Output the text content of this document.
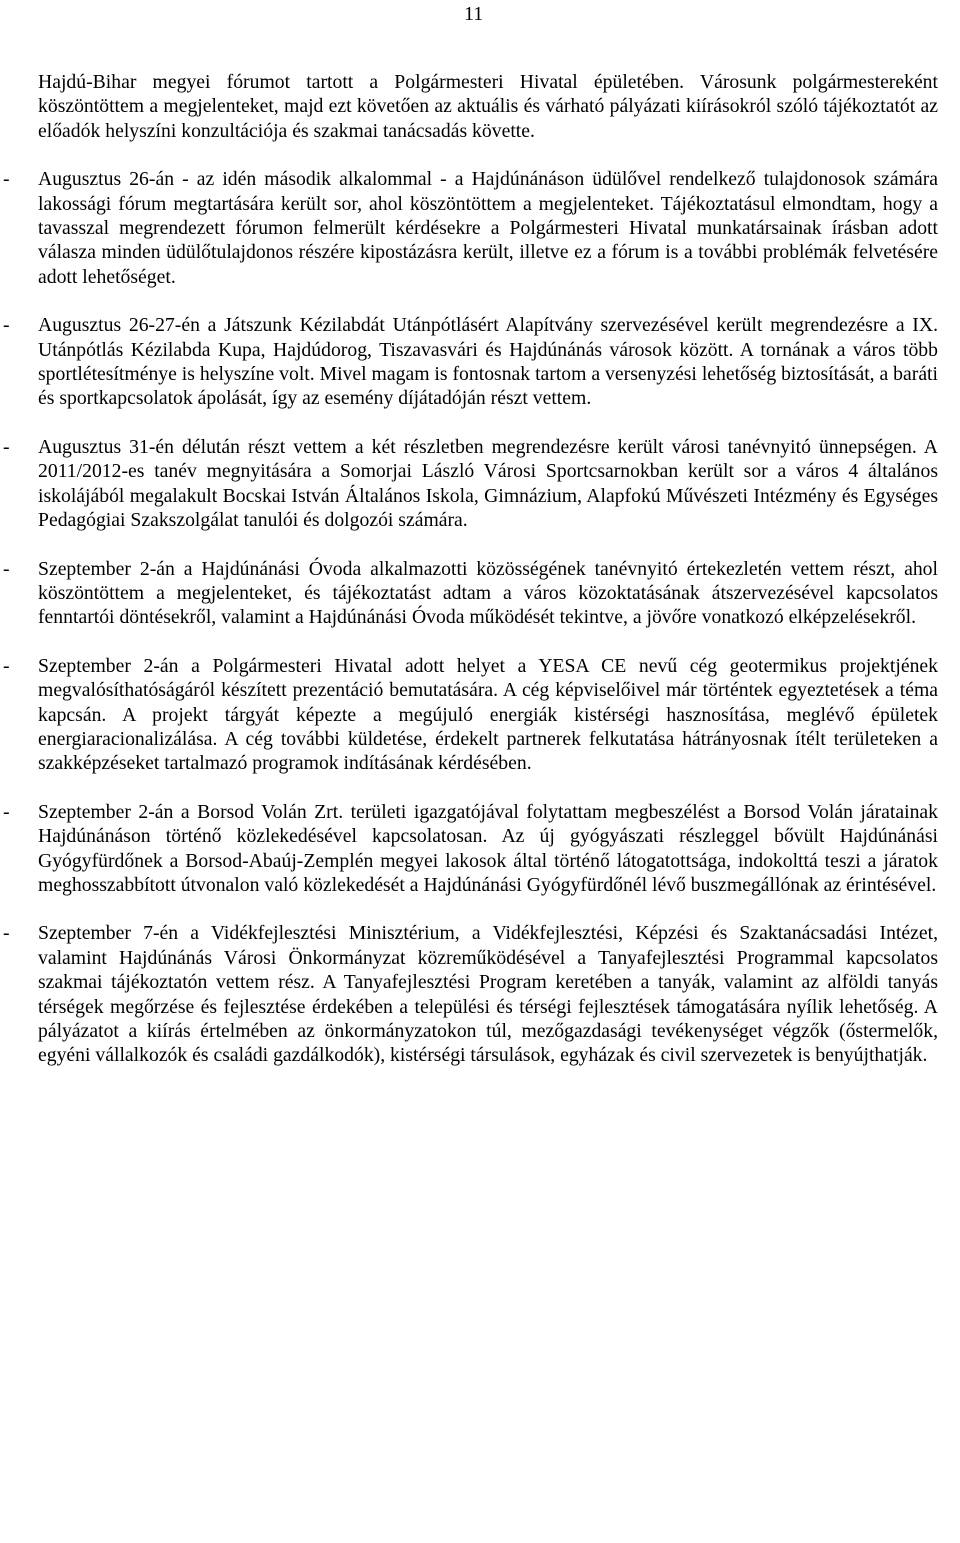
11

Hajdú-Bihar megyei fórumot tartott a Polgármesteri Hivatal épületében. Városunk polgármestereként köszöntöttem a megjelenteket, majd ezt követően az aktuális és várható pályázati kiírásokról szóló tájékoztatót az előadók helyszíni konzultációja és szakmai tanácsadás követte.

- Augusztus 26-án - az idén második alkalommal - a Hajdúnánáson üdülővel rendelkező tulajdonosok számára lakossági fórum megtartására került sor, ahol köszöntöttem a megjelenteket. Tájékoztatásul elmondtam, hogy a tavasszal megrendezett fórumon felmerült kérdésekre a Polgármesteri Hivatal munkatársainak írásban adott válasza minden üdülőtulajdonos részére kipostázásra került, illetve ez a fórum is a további problémák felvetésére adott lehetőséget.

- Augusztus 26-27-én a Játszunk Kézilabdát Utánpótlásért Alapítvány szervezésével került megrendezésre a IX. Utánpótlás Kézilabda Kupa, Hajdúdorog, Tiszavasvári és Hajdúnánás városok között. A tornának a város több sportlétesítménye is helyszíne volt. Mivel magam is fontosnak tartom a versenyzési lehetőség biztosítását, a baráti és sportkapcsolatok ápolását, így az esemény díjátadóján részt vettem.

- Augusztus 31-én délután részt vettem a két részletben megrendezésre került városi tanévnyitó ünnepségen. A 2011/2012-es tanév megnyitására a Somorjai László Városi Sportcsarnokban került sor a város 4 általános iskolájából megalakult Bocskai István Általános Iskola, Gimnázium, Alapfokú Művészeti Intézmény és Egységes Pedagógiai Szakszolgálat tanulói és dolgozói számára.

- Szeptember 2-án a Hajdúnánási Óvoda alkalmazotti közösségének tanévnyitó értekezletén vettem részt, ahol köszöntöttem a megjelenteket, és tájékoztatást adtam a város közoktatásának átszervezésével kapcsolatos fenntartói döntésekről, valamint a Hajdúnánási Óvoda működését tekintve, a jövőre vonatkozó elképzelésekről.

- Szeptember 2-án a Polgármesteri Hivatal adott helyet a YESA CE nevű cég geotermikus projektjének megvalósíthatóságáról készített prezentáció bemutatására. A cég képviselőivel már történtek egyeztetések a téma kapcsán. A projekt tárgyát képezte a megújuló energiák kistérségi hasznosítása, meglévő épületek energiaracionalizálása. A cég további küldetése, érdekelt partnerek felkutatása hátrányosnak ítélt területeken a szakképzéseket tartalmazó programok indításának kérdésében.

- Szeptember 2-án a Borsod Volán Zrt. területi igazgatójával folytattam megbeszélést a Borsod Volán járatainak Hajdúnánáson történő közlekedésével kapcsolatosan. Az új gyógyászati részleggel bővült Hajdúnánási Gyógyfürdőnek a Borsod-Abaúj-Zemplén megyei lakosok által történő látogatottsága, indokolttá teszi a járatok meghosszabbított útvonalon való közlekedését a Hajdúnánási Gyógyfürdőnél lévő buszmegállónak az érintésével.

- Szeptember 7-én a Vidékfejlesztési Minisztérium, a Vidékfejlesztési, Képzési és Szaktanácsadási Intézet, valamint Hajdúnánás Városi Önkormányzat közreműködésével a Tanyafejlesztési Programmal kapcsolatos szakmai tájékoztatón vettem rész. A Tanyafejlesztési Program keretében a tanyák, valamint az alföldi tanyás térségek megőrzése és fejlesztése érdekében a települési és térségi fejlesztések támogatására nyílik lehetőség. A pályázatot a kiírás értelmében az önkormányzatokon túl, mezőgazdasági tevékenységet végzők (őstermelők, egyéni vállalkozók és családi gazdálkodók), kistérségi társulások, egyházak és civil szervezetek is benyújthatják.
